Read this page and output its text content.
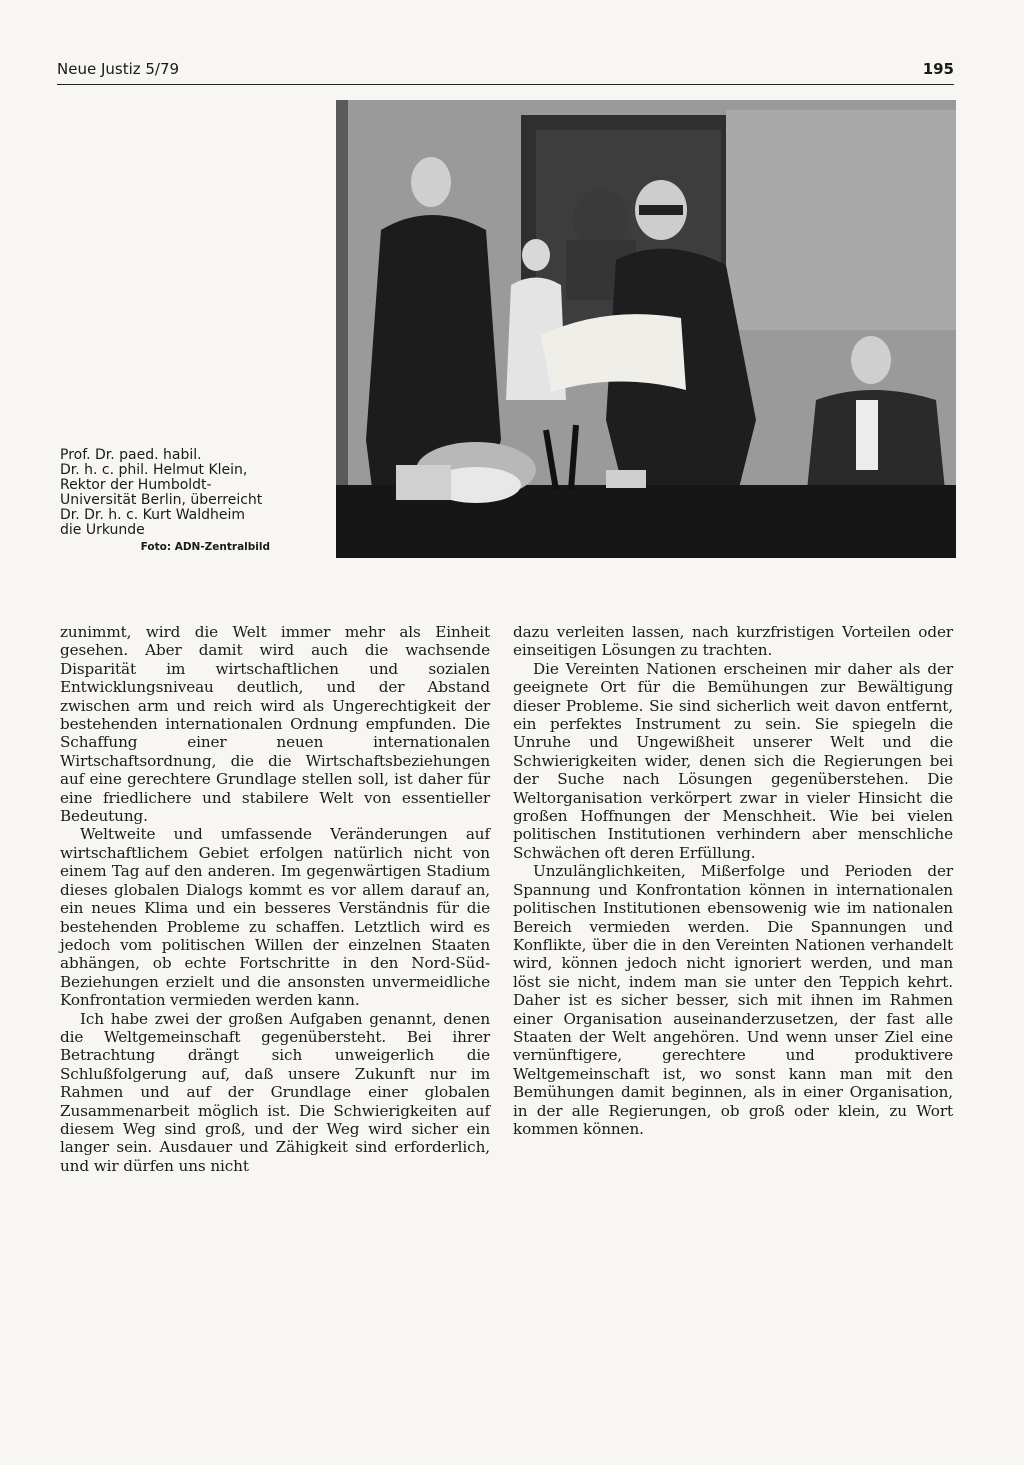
Neue Justiz 5/79	195
Prof. Dr. paed. habil.
Dr. h. c. phil. Helmut Klein,
Rektor der Humboldt-
Universität Berlin, überreicht
Dr. Dr. h. c. Kurt Waldheim
die Urkunde
Foto: ADN-Zentralbild

zunimmt, wird die Welt immer mehr als Einheit gesehen. Aber damit wird auch die wachsende Disparität im wirtschaftlichen und sozialen Entwicklungsniveau deutlich, und der Abstand zwischen arm und reich wird als Ungerechtigkeit der bestehenden internationalen Ordnung empfunden. Die Schaffung einer neuen internationalen Wirtschaftsordnung, die die Wirtschaftsbeziehungen auf eine gerechtere Grundlage stellen soll, ist daher für eine friedlichere und stabilere Welt von essentieller Bedeutung.

Weltweite und umfassende Veränderungen auf wirtschaftlichem Gebiet erfolgen natürlich nicht von einem Tag auf den anderen. Im gegenwärtigen Stadium dieses globalen Dialogs kommt es vor allem darauf an, ein neues Klima und ein besseres Verständnis für die bestehenden Probleme zu schaffen. Letztlich wird es jedoch vom politischen Willen der einzelnen Staaten abhängen, ob echte Fortschritte in den Nord-Süd-Beziehungen erzielt und die ansonsten unvermeidliche Konfrontation vermieden werden kann.

Ich habe zwei der großen Aufgaben genannt, denen die Weltgemeinschaft gegenübersteht. Bei ihrer Betrachtung drängt sich unweigerlich die Schlußfolgerung auf, daß unsere Zukunft nur im Rahmen und auf der Grundlage einer globalen Zusammenarbeit möglich ist. Die Schwierigkeiten auf diesem Weg sind groß, und der Weg wird sicher ein langer sein. Ausdauer und Zähigkeit sind erforderlich, und wir dürfen uns nicht

dazu verleiten lassen, nach kurzfristigen Vorteilen oder einseitigen Lösungen zu trachten.

Die Vereinten Nationen erscheinen mir daher als der geeignete Ort für die Bemühungen zur Bewältigung dieser Probleme. Sie sind sicherlich weit davon entfernt, ein perfektes Instrument zu sein. Sie spiegeln die Unruhe und Ungewißheit unserer Welt und die Schwierigkeiten wider, denen sich die Regierungen bei der Suche nach Lösungen gegenüberstehen. Die Weltorganisation verkörpert zwar in vieler Hinsicht die großen Hoffnungen der Menschheit. Wie bei vielen politischen Institutionen verhindern aber menschliche Schwächen oft deren Erfüllung.

Unzulänglichkeiten, Mißerfolge und Perioden der Spannung und Konfrontation können in internationalen politischen Institutionen ebensowenig wie im nationalen Bereich vermieden werden. Die Spannungen und Konflikte, über die in den Vereinten Nationen verhandelt wird, können jedoch nicht ignoriert werden, und man löst sie nicht, indem man sie unter den Teppich kehrt. Daher ist es sicher besser, sich mit ihnen im Rahmen einer Organisation auseinanderzusetzen, der fast alle Staaten der Welt angehören. Und wenn unser Ziel eine vernünftigere, gerechtere und produktivere Weltgemeinschaft ist, wo sonst kann man mit den Bemühungen damit beginnen, als in einer Organisation, in der alle Regierungen, ob groß oder klein, zu Wort kommen können.
